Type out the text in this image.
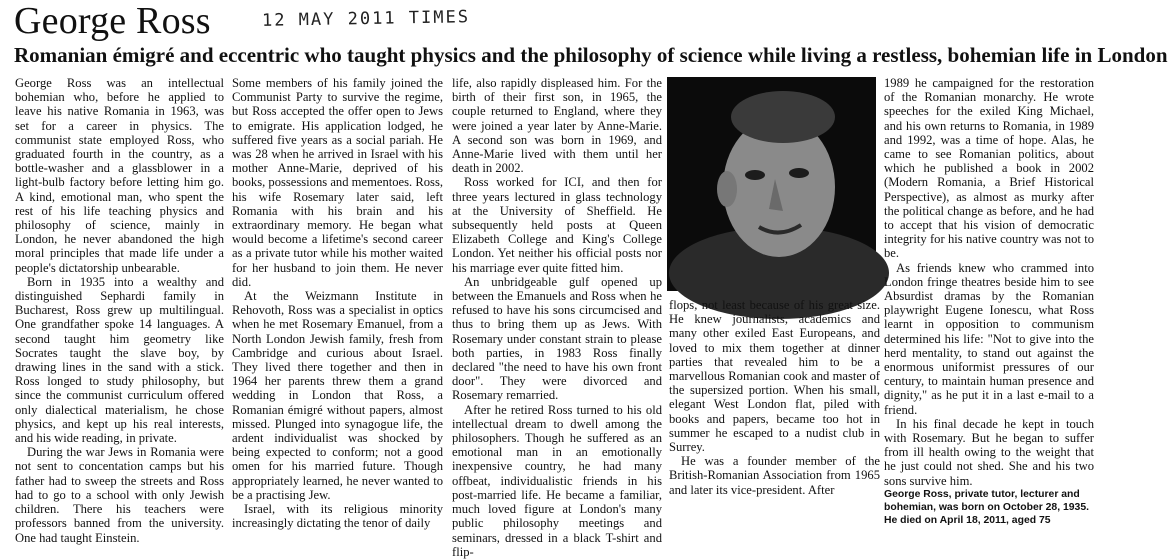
George Ross	12 MAY 2011 TIMES
Romanian émigré and eccentric who taught physics and the philosophy of science while living a restless, bohemian life in London

George Ross was an intellectual bohemian who, before he applied to leave his native Romania in 1963, was set for a career in physics. The communist state employed Ross, who graduated fourth in the country, as a bottle-washer and a glassblower in a light-bulb factory before letting him go. A kind, emotional man, who spent the rest of his life teaching physics and philosophy of science, mainly in London, he never abandoned the high moral principles that made life under a people's dictatorship unbearable.

Born in 1935 into a wealthy and distinguished Sephardi family in Bucharest, Ross grew up multilingual. One grandfather spoke 14 languages. A second taught him geometry like Socrates taught the slave boy, by drawing lines in the sand with a stick. Ross longed to study philosophy, but since the communist curriculum offered only dialectical materialism, he chose physics, and kept up his real interests, and his wide reading, in private.

During the war Jews in Romania were not sent to concentation camps but his father had to sweep the streets and Ross had to go to a school with only Jewish children. There his teachers were professors banned from the university. One had taught Einstein.

Some members of his family joined the Communist Party to survive the regime, but Ross accepted the offer open to Jews to emigrate. His application lodged, he suffered five years as a social pariah. He was 28 when he arrived in Israel with his mother Anne-Marie, deprived of his books, possessions and mementoes. Ross, his wife Rosemary later said, left Romania with his brain and his extraordinary memory. He began what would become a lifetime's second career as a private tutor while his mother waited for her husband to join them. He never did.

At the Weizmann Institute in Rehovoth, Ross was a specialist in optics when he met Rosemary Emanuel, from a North London Jewish family, fresh from Cambridge and curious about Israel. They lived there together and then in 1964 her parents threw them a grand wedding in London that Ross, a Romanian émigré without papers, almost missed. Plunged into synagogue life, the ardent individualist was shocked by being expected to conform; not a good omen for his married future. Though appropriately learned, he never wanted to be a practising Jew.

Israel, with its religious minority increasingly dictating the tenor of daily

life, also rapidly displeased him. For the birth of their first son, in 1965, the couple returned to England, where they were joined a year later by Anne-Marie. A second son was born in 1969, and Anne-Marie lived with them until her death in 2002.

Ross worked for ICI, and then for three years lectured in glass technology at the University of Sheffield. He subsequently held posts at Queen Elizabeth College and King's College London. Yet neither his official posts nor his marriage ever quite fitted him.

An unbridgeable gulf opened up between the Emanuels and Ross when he refused to have his sons circumcised and thus to bring them up as Jews. With Rosemary under constant strain to please both parties, in 1983 Ross finally declared "the need to have his own front door". They were divorced and Rosemary remarried.

After he retired Ross turned to his old intellectual dream to dwell among the philosophers. Though he suffered as an emotional man in an emotionally inexpensive country, he had many offbeat, individualistic friends in his post-married life. He became a familiar, much loved figure at London's many public philosophy meetings and seminars, dressed in a black T-shirt and flip-

flops, not least because of his great size. He knew journalists, academics and many other exiled East Europeans, and loved to mix them together at dinner parties that revealed him to be a marvellous Romanian cook and master of the supersized portion. When his small, elegant West London flat, piled with books and papers, became too hot in summer he escaped to a nudist club in Surrey.

He was a founder member of the British-Romanian Association from 1965 and later its vice-president. After

1989 he campaigned for the restoration of the Romanian monarchy. He wrote speeches for the exiled King Michael, and his own returns to Romania, in 1989 and 1992, was a time of hope. Alas, he came to see Romanian politics, about which he published a book in 2002 (Modern Romania, a Brief Historical Perspective), as almost as murky after the political change as before, and he had to accept that his vision of democratic integrity for his native country was not to be.

As friends knew who crammed into London fringe theatres beside him to see Absurdist dramas by the Romanian playwright Eugene Ionescu, what Ross learnt in opposition to communism determined his life: "Not to give into the herd mentality, to stand out against the enormous uniformist pressures of our century, to maintain human presence and dignity," as he put it in a last e-mail to a friend.

In his final decade he kept in touch with Rosemary. But he began to suffer from ill health owing to the weight that he just could not shed. She and his two sons survive him.

George Ross, private tutor, lecturer and bohemian, was born on October 28, 1935. He died on April 18, 2011, aged 75
